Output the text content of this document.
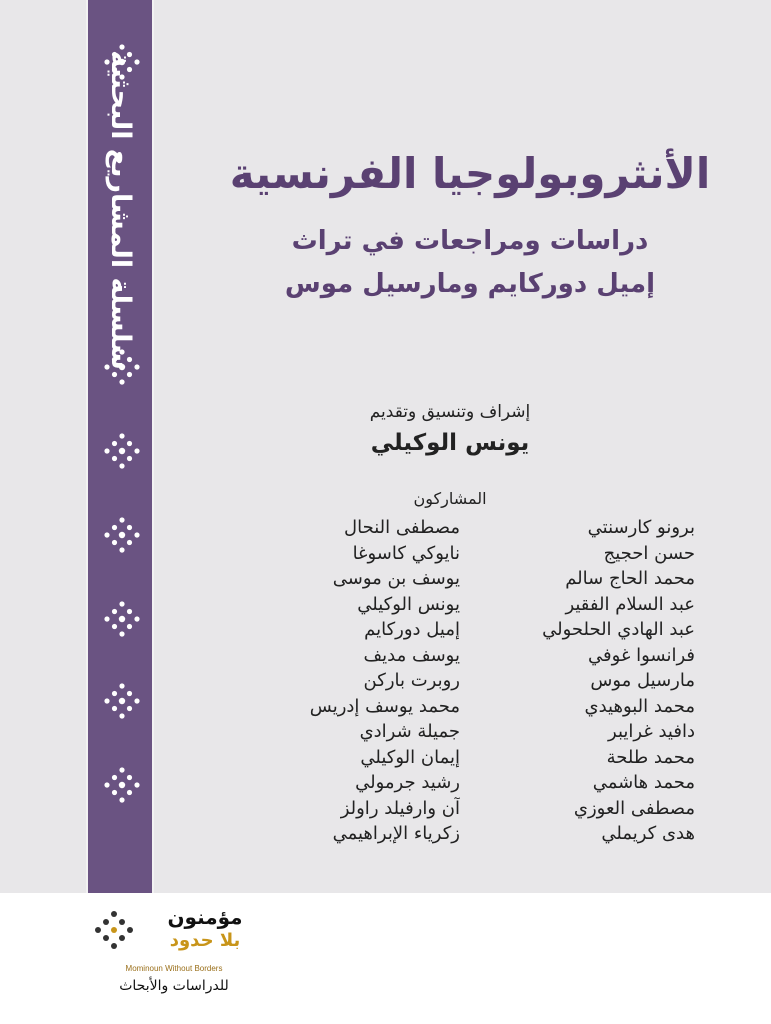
سلسلة المشاريع البحثية	الأنثروبولوجيا الفرنسية
دراسات ومراجعات في تراث
إميل دوركايم ومارسيل موس
إشراف وتنسيق وتقديم
يونس الوكيلي
المشاركون
برونو كارسنتي
مصطفى النحال
حسن احجيج
نايوكي كاسوغا
محمد الحاج سالم
يوسف بن موسى
عبد السلام الفقير
يونس الوكيلي
عبد الهادي الحلحولي
إميل دوركايم
فرانسوا غوفي
يوسف مديف
مارسيل موس
روبرت باركن
محمد البوهيدي
محمد يوسف إدريس
دافيد غرايبر
جميلة شرادي
محمد طلحة
إيمان الوكيلي
محمد هاشمي
رشيد جرمولي
مصطفى العوزي
آن وارفيلد راولز
هدى كريملي
زكرياء الإبراهيمي
مؤمنون
بلا حدود
Mominoun Without Borders
للدراسات والأبحاث
